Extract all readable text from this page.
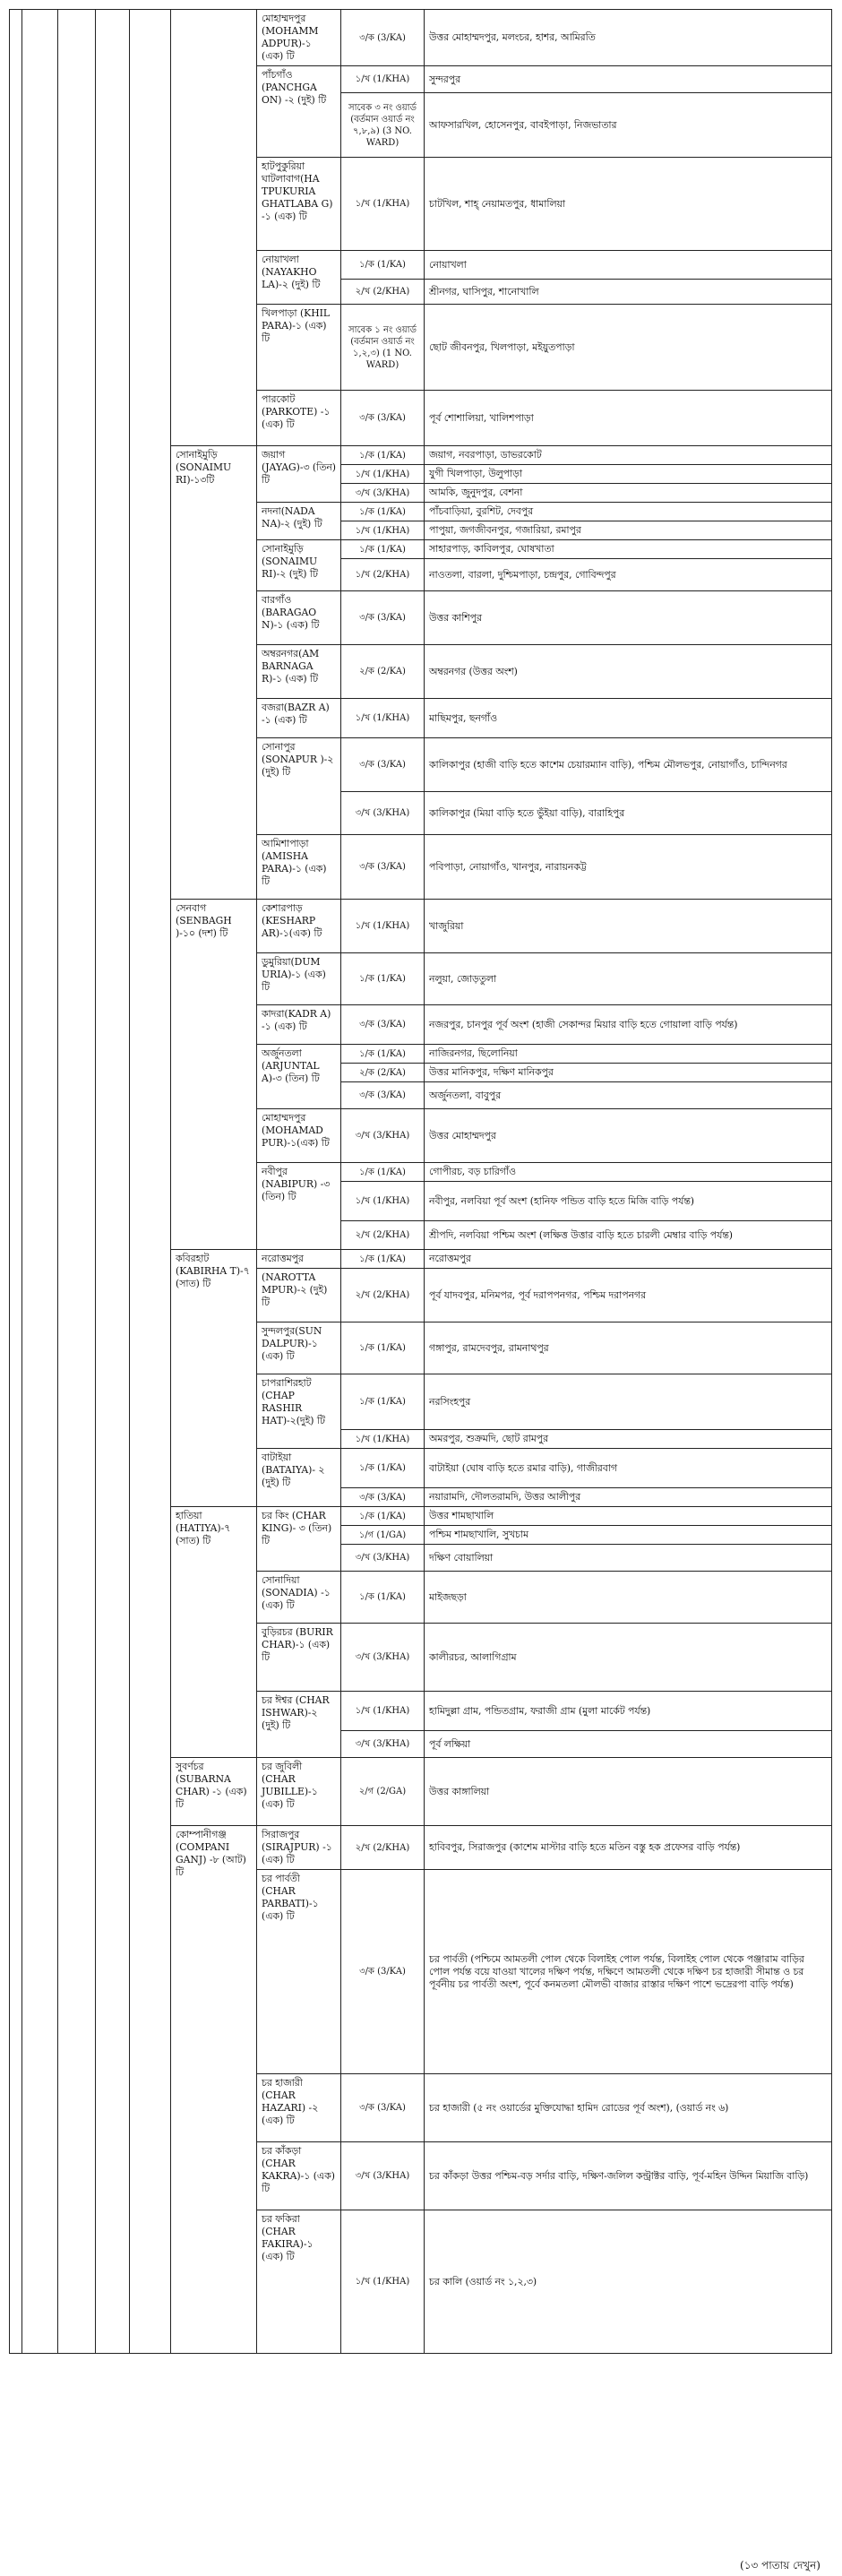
						মোহাম্মদপুর (MOHAMM ADPUR)-১ (এক) টি	৩/ক (3/KA)	উত্তর মোহাম্মদপুর, মলংচর, হাশর, আমিরতি
						পাঁচগাঁও (PANCHGA ON) -২ (দুই) টি	১/খ (1/KHA)	সুন্দরপুর
							সাবেক ৩ নং ওয়ার্ড (বর্তমান ওয়ার্ড নং ৭,৮,৯) (3 NO. WARD)	আফসারখিল, হোসেনপুর, বাবইপাড়া, নিজভাতার
						হাটপুকুরিয়া ঘাটলাবাগ(HA TPUKURIA GHATLABA G) -১ (এক) টি	১/খ (1/KHA)	চাটখিল, শাহ্ নেয়ামতপুর, ধামালিয়া
						নোয়াখলা (NAYAKHO LA)-২ (দুই) টি	১/ক (1/KA)	নোয়াখলা
							২/খ (2/KHA)	শ্রীনগর, ঘাসিপুর, শানোখালি
						খিলপাড়া (KHIL PARA)-১ (এক) টি	সাবেক ১ নং ওয়ার্ড (বর্তমান ওয়ার্ড নং ১,২,৩) (1 NO. WARD)	ছোট জীবনপুর, খিলপাড়া, মইয়ুতপাড়া
						পারকোট (PARKOTE) -১ (এক) টি	৩/ক (3/KA)	পূর্ব শোশালিয়া, খালিশপাড়া
					সোনাইমুড়ি (SONAIMU RI)-১৩টি	জয়াগ (JAYAG)-৩ (তিন) টি	১/ক (1/KA)	জয়াগ, নবরপাড়া, ডাভরকোট
							১/খ (1/KHA)	যুগী খিলপাড়া, উলুপাড়া
							৩/খ (3/KHA)	আমকি, জুনুদপুর, বেশনা
						নদনা(NADA NA)-২ (দুই) টি	১/ক (1/KA)	পাঁচবাড়িয়া, বুরশিট, দেবপুর
							১/খ (1/KHA)	পাপুয়া, জগজীবনপুর, গজারিয়া, রমাপুর
						সোনাইমুড়ি (SONAIMU RI)-২ (দুই) টি	১/ক (1/KA)	সাহারপাড়, কাবিলপুর, ঘোষখাতা
							১/খ (2/KHA)	নাওতলা, বারলা, দুশ্চিমপাড়া, চন্দ্রপুর, গোবিন্দপুর
						বারগাঁও (BARAGAO N)-১ (এক) টি	৩/ক (3/KA)	উত্তর কাশিপুর
						অম্বরনগর(AM BARNAGA R)-১ (এক) টি	২/ক (2/KA)	অম্বরনগর (উত্তর অংশ)
						বজরা(BAZR A) -১ (এক) টি	১/খ (1/KHA)	মাছিমপুর, ছনগাঁও
						সোনাপুর (SONAPUR )-২ (দুই) টি	৩/ক (3/KA)	কালিকাপুর (হাজী বাড়ি হতে কাশেম চেয়ারম্যান বাড়ি), পশ্চিম মৌলভপুর, নোয়াগাঁও, চান্দিনগর
							৩/খ (3/KHA)	কালিকাপুর (মিয়া বাড়ি হতে ভুঁইয়া বাড়ি), বারাহিপুর
						আমিশাপাড়া (AMISHA PARA)-১ (এক) টি	৩/ক (3/KA)	পবিপাড়া, নোয়াগাঁও, খানপুর, নারায়নকট্ট
					সেনবাগ (SENBAGH )-১০ (দশ) টি	কেশারপাড় (KESHARP AR)-১(এক) টি	১/খ (1/KHA)	খাজুরিয়া
						ডুমুরিয়া(DUM URIA)-১ (এক) টি	১/ক (1/KA)	নলুয়া, জোড়তুলা
						কাদরা(KADR A) -১ (এক) টি	৩/ক (3/KA)	নজরপুর, চানপুর পূর্ব অংশ (হাজী সেকান্দর মিয়ার বাড়ি হতে গোয়ালা বাড়ি পর্যন্ত)
						অর্জুনতলা (ARJUNTAL A)-৩ (তিন) টি	১/ক (1/KA)	নাজিরনগর, ছিলোনিয়া
							২/ক (2/KA)	উত্তর মানিকপুর, দক্ষিণ মানিকপুর
							৩/ক (3/KA)	অর্জুনতলা, বাবুপুর
						মোহাম্মদপুর (MOHAMAD PUR)-১(এক) টি	৩/খ (3/KHA)	উত্তর মোহাম্মদপুর
						নবীপুর (NABIPUR) -৩ (তিন) টি	১/ক (1/KA)	গোপীরচ, বড় চারিগাঁও
							১/খ (1/KHA)	নবীপুর, নলবিয়া পূর্ব অংশ (হানিফ পন্ডিত বাড়ি হতে মিজি বাড়ি পর্যন্ত)
							২/খ (2/KHA)	শ্রীপদি, নলবিয়া পশ্চিম অংশ (লক্ষিত্ত উত্তার বাড়ি হতে চারলী মেম্বার বাড়ি পর্যন্ত)
					কবিরহাট (KABIRHA T)-৭ (সাত) টি	নরোত্তমপুর	১/ক (1/KA)	নরোত্তমপুর
						(NAROTTA MPUR)-২ (দুই) টি	২/খ (2/KHA)	পূর্ব যাদবপুর, মনিমপর, পূর্ব দরাপপনগর, পশ্চিম দরাপনগর
						সুন্দলপুর(SUN DALPUR)-১ (এক) টি	১/ক (1/KA)	গঙ্গাপুর, রামদেবপুর, রামনাথপুর
						চাপরাশিরহাট (CHAP RASHIR HAT)-২(দুই) টি	১/ক (1/KA)	নরসিংহপুর
							১/খ (1/KHA)	অমরপুর, শুক্রমদি, ছোট রামপুর
						বাটাইয়া (BATAIYA)- ২ (দুই) টি	১/ক (1/KA)	বাটাইয়া (ঘোষ বাড়ি হতে রমার বাড়ি), গাজীরবাগ
							৩/ক (3/KA)	নয়ারামদি, দৌলতরামদি, উত্তর আলীপুর
					হাতিয়া (HATIYA)-৭ (সাত) টি	চর কিং (CHAR KING)- ৩ (তিন) টি	১/ক (1/KA)	উত্তর শামছাখালি
							১/গ (1/GA)	পশ্চিম শামছাখালি, সুখচাম
							৩/খ (3/KHA)	দক্ষিণ বোয়ালিয়া
						সোনাদিয়া (SONADIA) -১ (এক) টি	১/ক (1/KA)	মাইজছড়া
						বুড়িরচর (BURIR CHAR)-১ (এক) টি	৩/খ (3/KHA)	কালীরচর, আলাগিগ্রাম
						চর ঈশ্বর (CHAR ISHWAR)-২ (দুই) টি	১/খ (1/KHA)	হামিদুল্লা গ্রাম, পন্ডিতগ্রাম, ফরাজী গ্রাম (মুলা মার্কেট পর্যন্ত)
							৩/খ (3/KHA)	পূর্ব লক্ষিয়া
					সুবর্ণচর (SUBARNA CHAR) -১ (এক) টি	চর জুবিলী (CHAR JUBILLE)-১ (এক) টি	২/গ (2/GA)	উত্তর কাঙ্গালিয়া
					কোম্পানীগঞ্জ (COMPANI GANJ) -৮ (আট) টি	সিরাজপুর (SIRAJPUR) -১ (এক) টি	২/খ (2/KHA)	হাবিবপুর, সিরাজপুর (কাশেম মাস্টার বাড়ি হতে মতিন বস্তু হক প্রফেসর বাড়ি পর্যন্ত)
						চর পার্বতী (CHAR PARBATI)-১ (এক) টি	৩/ক (3/KA)	চর পার্বতী (পশ্চিমে আমতলী পোল থেকে বিলাইহ পোল পর্যন্ত, বিলাইহ পোল থেকে পঞ্জারাম বাড়ির পোল পর্যন্ত বয়ে যাওয়া খালের দক্ষিণ পর্যন্ত, দক্ষিণে আমতলী থেকে দক্ষিণ চর হাজারী সীমান্ত ও চর পূর্বনীয় চর পার্বতী অংশ, পূর্বে কনমতলা মৌলভী বাজার রাস্তার দক্ষিণ পাশে ভদ্রেরপা বাড়ি পর্যন্ত)
						চর হাজারী (CHAR HAZARI) -২ (এক) টি	৩/ক (3/KA)	চর হাজারী (৫ নং ওয়ার্ডের মুক্তিযোদ্ধা হামিদ রোডের পূর্ব অংশ), (ওয়ার্ড নং ৬)
						চর কাঁকড়া (CHAR KAKRA)-১ (এক) টি	৩/খ (3/KHA)	চর কাঁকড়া উত্তর পশ্চিম-বড় সর্দার বাড়ি, দক্ষিণ-জলিল কন্ট্রাক্টর বাড়ি, পূর্ব-মহিন উদ্দিন মিয়াজি বাড়ি)
						চর ফকিরা (CHAR FAKIRA)-১ (এক) টি	১/খ (1/KHA)	চর কালি (ওয়ার্ড নং ১,২,৩)
(১৩ পাতায় দেখুন)
